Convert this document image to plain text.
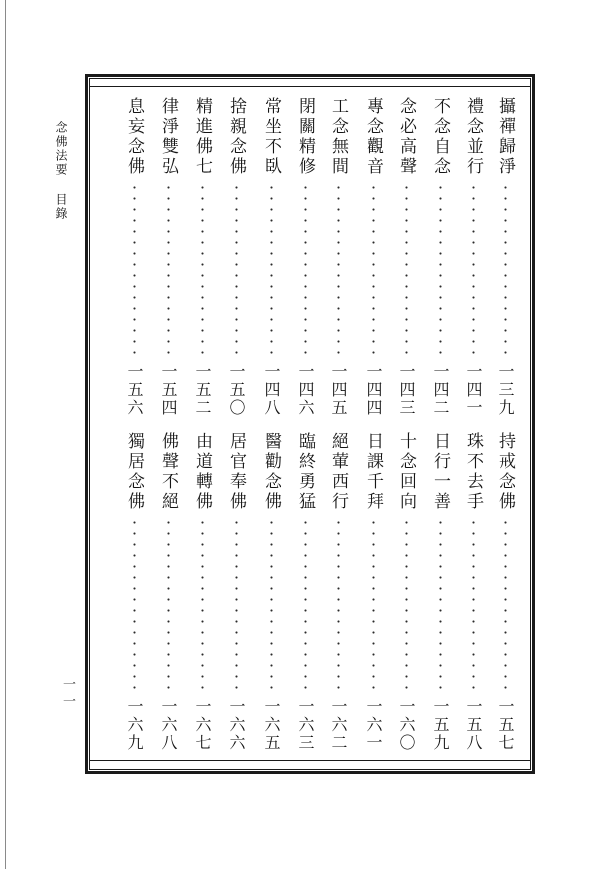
念佛法要目錄
一一
攝禪歸淨
一三九
禮念並行
一四一
不念自念
一四二
念必高聲
一四三
專念觀音
一四四
工念無間
一四五
閉關精修
一四六
常坐不臥
一四八
捨親念佛
一五〇
精進佛七
一五二
律淨雙弘
一五四
息妄念佛
一五六
持戒念佛
一五七
珠不去手
一五八
日行一善
一五九
十念回向
一六〇
日課千拜
一六一
絕葷西行
一六二
臨終勇猛
一六三
醫勸念佛
一六五
居官奉佛
一六六
由道轉佛
一六七
佛聲不絕
一六八
獨居念佛
一六九
